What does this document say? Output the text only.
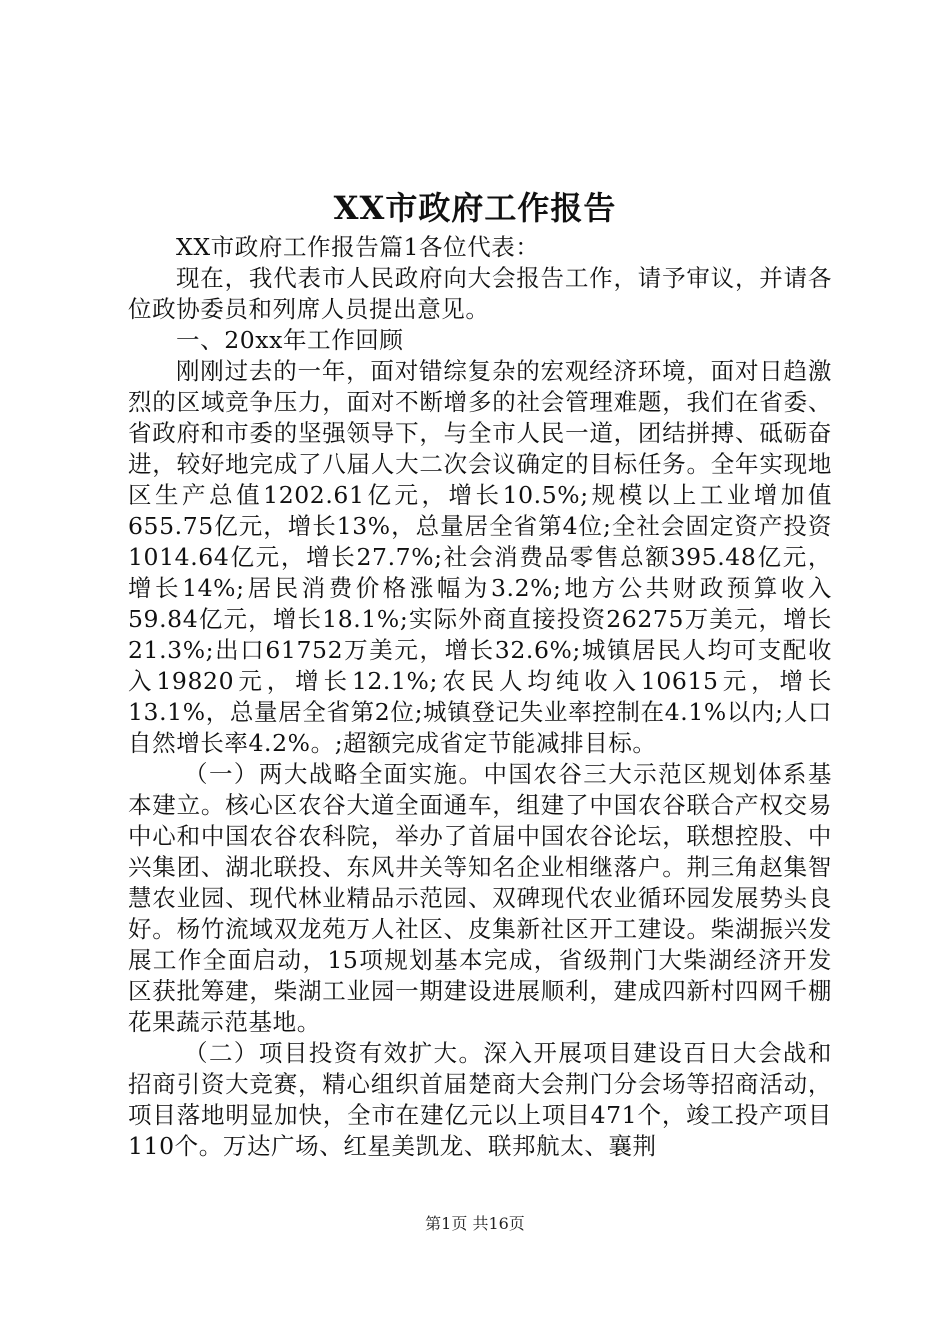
XX市政府工作报告

XX市政府工作报告篇1各位代表：

现在，我代表市人民政府向大会报告工作，请予审议，并请各位政协委员和列席人员提出意见。

一、20xx年工作回顾

刚刚过去的一年，面对错综复杂的宏观经济环境，面对日趋激烈的区域竞争压力，面对不断增多的社会管理难题，我们在省委、省政府和市委的坚强领导下，与全市人民一道，团结拼搏、砥砺奋进，较好地完成了八届人大二次会议确定的目标任务。全年实现地区生产总值1202.61亿元，增长10.5%;规模以上工业增加值655.75亿元，增长13%，总量居全省第4位;全社会固定资产投资1014.64亿元，增长27.7%;社会消费品零售总额395.48亿元，增长14%;居民消费价格涨幅为3.2%;地方公共财政预算收入59.84亿元，增长18.1%;实际外商直接投资26275万美元，增长21.3%;出口61752万美元，增长32.6%;城镇居民人均可支配收入19820元，增长12.1%;农民人均纯收入10615元，增长13.1%，总量居全省第2位;城镇登记失业率控制在4.1%以内;人口自然增长率4.2%。;超额完成省定节能减排目标。

（一）两大战略全面实施。中国农谷三大示范区规划体系基本建立。核心区农谷大道全面通车，组建了中国农谷联合产权交易中心和中国农谷农科院，举办了首届中国农谷论坛，联想控股、中兴集团、湖北联投、东风井关等知名企业相继落户。荆三角赵集智慧农业园、现代林业精品示范园、双碑现代农业循环园发展势头良好。杨竹流域双龙苑万人社区、皮集新社区开工建设。柴湖振兴发展工作全面启动，15项规划基本完成，省级荆门大柴湖经济开发区获批筹建，柴湖工业园一期建设进展顺利，建成四新村四网千棚花果蔬示范基地。

（二）项目投资有效扩大。深入开展项目建设百日大会战和招商引资大竞赛，精心组织首届楚商大会荆门分会场等招商活动，项目落地明显加快，全市在建亿元以上项目471个，竣工投产项目110个。万达广场、红星美凯龙、联邦航太、襄荆

第1页 共16页
